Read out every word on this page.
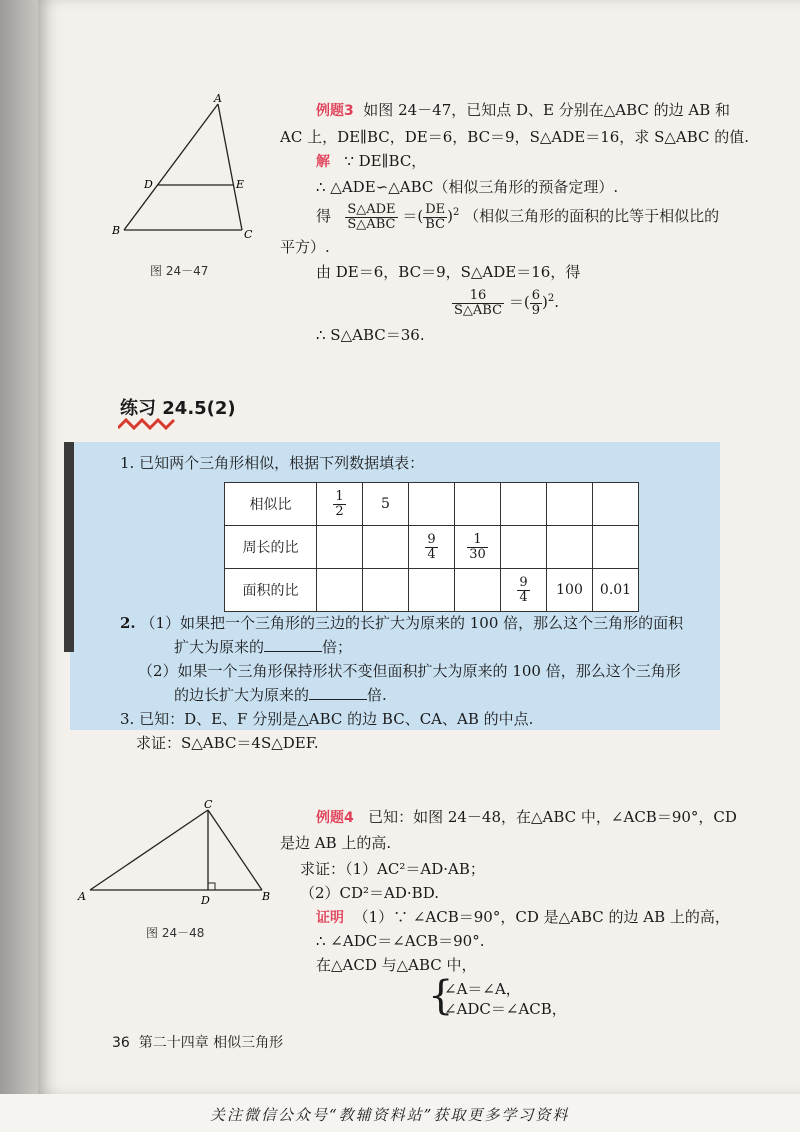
A
B	C
D	E
图 24－47
例题3 如图 24－47，已知点 D、E 分别在△ABC 的边 AB 和
AC 上，DE∥BC，DE＝6，BC＝9，S△ADE＝16，求 S△ABC 的值.
解 ∵ DE∥BC，
∴ △ADE∽△ABC（相似三角形的预备定理）.
得 $\frac{\text{S△ADE}}{\text{S△ABC}}$ ＝( $\frac{DE}{BC} )^2$ （相似三角形的面积的比等于相似比的
平方）.
由 DE＝6，BC＝9，S△ADE＝16，得
$\frac{16}{\text{S△ABC}}$ ＝( $\frac{6}{9} )^2$.
∴ S△ABC＝36.
练习 24.5(2)
1. 已知两个三角形相似，根据下列数据填表：
相似比	$\frac{1}{2}$	5					
周长的比			$\frac{9}{4}$	$\frac{1}{30}$

面积的比					$\frac{9}{4}$	100	0.01
2. （1）如果把一个三角形的三边的长扩大为原来的 100 倍，那么这个三角形的面积
扩大为原来的	倍；
（2）如果一个三角形保持形状不变但面积扩大为原来的 100 倍，那么这个三角形
的边长扩大为原来的	倍.
3. 已知：D、E、F 分别是△ABC 的边 BC、CA、AB 的中点.
求证：S△ABC＝4S△DEF.
A	B
C
D
图 24－48
例题4 已知：如图 24－48，在△ABC 中，∠ACB＝90°，CD
是边 AB 上的高.
求证：（1）AC²＝AD·AB；
（2）CD²＝AD·BD.
证明 （1）∵ ∠ACB＝90°，CD 是△ABC 的边 AB 上的高，
∴ ∠ADC＝∠ACB＝90°.
在△ACD 与△ABC 中，
{
∠A＝∠A，
∠ADC＝∠ACB，
36 第二十四章 相似三角形
关注微信公众号“教辅资料站”获取更多学习资料
